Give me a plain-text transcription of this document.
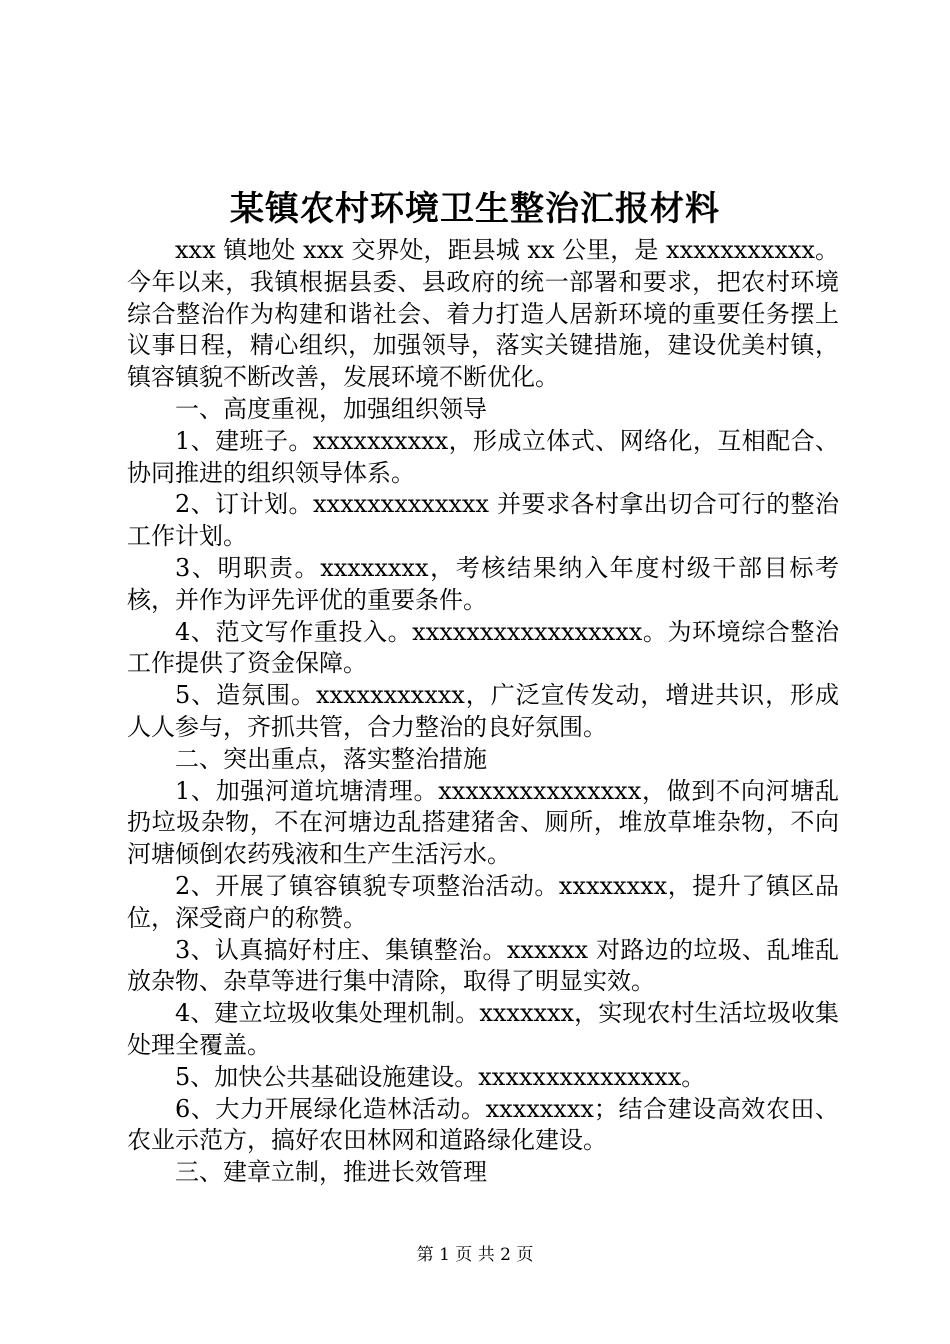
某镇农村环境卫生整治汇报材料

xxx 镇地处 xxx 交界处，距县城 xx 公里，是 xxxxxxxxxxx。今年以来，我镇根据县委、县政府的统一部署和要求，把农村环境综合整治作为构建和谐社会、着力打造人居新环境的重要任务摆上议事日程，精心组织，加强领导，落实关键措施，建设优美村镇，镇容镇貌不断改善，发展环境不断优化。

一、高度重视，加强组织领导

1、建班子。xxxxxxxxxx，形成立体式、网络化，互相配合、协同推进的组织领导体系。

2、订计划。xxxxxxxxxxxxx 并要求各村拿出切合可行的整治工作计划。

3、明职责。xxxxxxxx，考核结果纳入年度村级干部目标考核，并作为评先评优的重要条件。

4、范文写作重投入。xxxxxxxxxxxxxxxxx。为环境综合整治工作提供了资金保障。

5、造氛围。xxxxxxxxxxx，广泛宣传发动，增进共识，形成人人参与，齐抓共管，合力整治的良好氛围。

二、突出重点，落实整治措施

1、加强河道坑塘清理。xxxxxxxxxxxxxxx，做到不向河塘乱扔垃圾杂物，不在河塘边乱搭建猪舍、厕所，堆放草堆杂物，不向河塘倾倒农药残液和生产生活污水。

2、开展了镇容镇貌专项整治活动。xxxxxxxx，提升了镇区品位，深受商户的称赞。

3、认真搞好村庄、集镇整治。xxxxxx 对路边的垃圾、乱堆乱放杂物、杂草等进行集中清除，取得了明显实效。

4、建立垃圾收集处理机制。xxxxxxx，实现农村生活垃圾收集处理全覆盖。

5、加快公共基础设施建设。xxxxxxxxxxxxxxx。

6、大力开展绿化造林活动。xxxxxxxx；结合建设高效农田、农业示范方，搞好农田林网和道路绿化建设。

三、建章立制，推进长效管理

第 1 页 共 2 页
